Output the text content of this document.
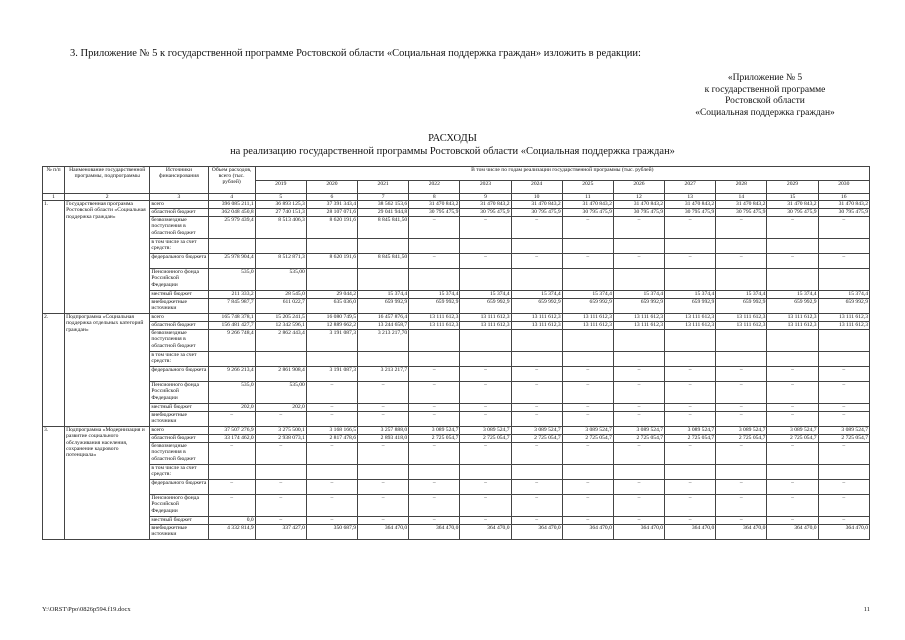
3. Приложение № 5 к государственной программе Ростовской области «Социальная поддержка граждан» изложить в редакции:
«Приложение № 5
к государственной программе
Ростовской области
«Социальная поддержка граждан»
РАСХОДЫ
на реализацию государственной программы Ростовской области «Социальная поддержка граждан»
№ п/п	Наименование государственной программы, подпрограммы	Источники финансирования	Объем расходов, всего (тыс. рублей)	В том числе по годам реализации государственной программы (тыс. рублей)											
				2019	2020	2021	2022	2023	2024	2025	2026	2027	2028	2029	2030
1	2	3	4	5	6	7	8	9	10	11	12	13	14	15	16
1.	Государственная программа Ростовской области «Социальная поддержка граждан»	всего	396 085 211,1	36 893 125,3	37 391 343,4	38 562 153,6	31 470 843,2	31 470 843,2	31 470 843,2	31 470 843,2	31 470 843,2	31 470 843,2	31 470 843,2	31 470 843,2	31 470 843,2
		областной бюджет	362 048 450,8	27 740 151,3	28 107 071,6	29 041 944,8	30 795 475,9	30 795 475,9	30 795 475,9	30 795 475,9	30 795 475,9	30 795 475,9	30 795 475,9	30 795 475,9	30 795 475,9
		безвозмездные поступления в областной бюджет	25 979 439,4	8 513 406,3	8 620 191,6	8 845 841,50	–	–	–	–	–	–	–	–	–
		в том числе за счет средств:													
		федерального бюджета	25 978 904,4	8 512 871,3	8 620 191,6	8 845 841,50	–	–	–	–	–	–	–	–	–
		Пенсионного фонда Российской Федерации	535,0	535,00											
		местный бюджет	211 333,2	28 545,0	29 044,2	15 374,4	15 374,4	15 374,4	15 374,4	15 374,4	15 374,4	15 374,4	15 374,4	15 374,4	15 374,4
		внебюджетные источники	7 845 987,7	611 022,7	635 036,0	659 992,9	659 992,9	659 992,9	659 992,9	659 992,9	659 992,9	659 992,9	659 992,9	659 992,9	659 992,9
2.	Подпрограмма «Социальная поддержка отдельных категорий граждан»	всего	165 748 378,1	15 205 241,5	16 080 749,5	16 457 876,4	13 111 612,3	13 111 612,3	13 111 612,3	13 111 612,3	13 111 612,3	13 111 612,3	13 111 612,3	13 111 612,3	13 111 612,3
		областной бюджет	156 481 427,7	12 342 596,1	12 889 662,2	13 244 658,7	13 111 612,3	13 111 612,3	13 111 612,3	13 111 612,3	13 111 612,3	13 111 612,3	13 111 612,3	13 111 612,3	13 111 612,3
		безвозмездные поступления в областной бюджет	9 266 748,4	2 862 443,4	3 191 087,3	3 213 217,70									
		в том числе за счет средств:													
		федерального бюджета	9 266 213,4	2 861 908,4	3 191 087,3	3 213 217,7	–	–	–	–	–	–	–	–	–
		Пенсионного фонда Российской Федерации	535,0	535,00	–	–	–	–	–	–	–	–	–	–	–
		местный бюджет	202,0	202,0	–	–	–	–	–	–	–	–	–	–	–
		внебюджетные источники	–	–	–	–	–	–	–	–	–	–	–	–	–
3.	Подпрограмма «Модернизация и развитие социального обслуживания населения, сохранение кадрового потенциала»	всего	37 507 276,9	3 275 500,1	3 168 166,5	3 257 888,0	3 089 524,7	3 089 524,7	3 089 524,7	3 089 524,7	3 089 524,7	3 089 524,7	3 089 524,7	3 089 524,7	3 089 524,7
		областной бюджет	33 174 462,0	2 938 073,1	2 817 478,6	2 893 418,0	2 725 054,7	2 725 054,7	2 725 054,7	2 725 054,7	2 725 054,7	2 725 054,7	2 725 054,7	2 725 054,7	2 725 054,7
		безвозмездные поступления в областной бюджет	–	–	–	–	–	–	–	–	–	–	–	–	–
		в том числе за счет средств:													
		федерального бюджета	–	–	–	–	–	–	–	–	–	–	–	–	–
		Пенсионного фонда Российской Федерации	–	–	–	–	–	–	–	–	–	–	–	–	–
		местный бюджет	0,0	–	–	–	–	–	–	–	–	–	–	–	–
		внебюджетные источники	4 332 814,9	337 427,0	350 687,9	364 470,0	364 470,0	364 470,0	364 470,0	364 470,0	364 470,0	364 470,0	364 470,0	364 470,0	364 470,0
Y:\ORST\Ppo\0826p594.f19.docx	11
